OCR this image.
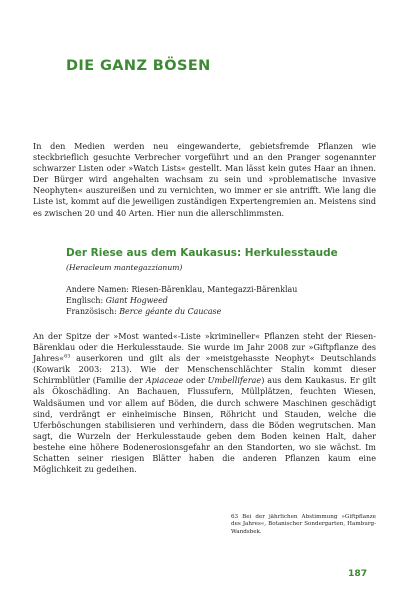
DIE GANZ BÖSEN

In den Medien werden neu eingewanderte, gebietsfremde Pflanzen wie steckbrieflich gesuchte Verbrecher vorgeführt und an den Pranger sogenannter schwarzer Listen oder »Watch Lists« gestellt. Man lässt kein gutes Haar an ihnen. Der Bürger wird angehalten wachsam zu sein und »problematische invasive Neophyten« auszureißen und zu vernichten, wo immer er sie antrifft. Wie lang die Liste ist, kommt auf die jeweiligen zuständigen Expertengremien an. Meistens sind es zwischen 20 und 40 Arten. Hier nun die allerschlimmsten.

Der Riese aus dem Kaukasus: Herkulesstaude

(Heracleum mantegazzianum)

Andere Namen: Riesen-Bärenklau, Mantegazzi-Bärenklau

Englisch: Giant Hogweed

Französisch: Berce géante du Caucase

An der Spitze der »Most wanted«-Liste »krimineller« Pflanzen steht der Riesen-Bärenklau oder die Herkulesstaude. Sie wurde im Jahr 2008 zur »Giftpflanze des Jahres«$^{63}$ auserkoren und gilt als der »meistgehasste Neophyt« Deutschlands (Kowarik 2003: 213). Wie der Menschenschlächter Stalin kommt dieser Schirmblütler (Familie der Apiaceae oder Umbelliferae) aus dem Kaukasus. Er gilt als Ökoschädling. An Bachauen, Flussufern, Müllplätzen, feuchten Wiesen, Waldsäumen und vor allem auf Böden, die durch schwere Maschinen geschädigt sind, verdrängt er einheimische Binsen, Röhricht und Stauden, welche die Uferböschungen stabilisieren und verhindern, dass die Böden wegrutschen. Man sagt, die Wurzeln der Herkulesstaude geben dem Boden keinen Halt, daher bestehe eine höhere Bodenerosionsgefahr an den Standorten, wo sie wächst. Im Schatten seiner riesigen Blätter haben die anderen Pflanzen kaum eine Möglichkeit zu gedeihen.

63 Bei der jährlichen Abstimmung »Giftpflanze des Jahres«, Botanischer Sondergarten, Hamburg-Wandsbek.

187
